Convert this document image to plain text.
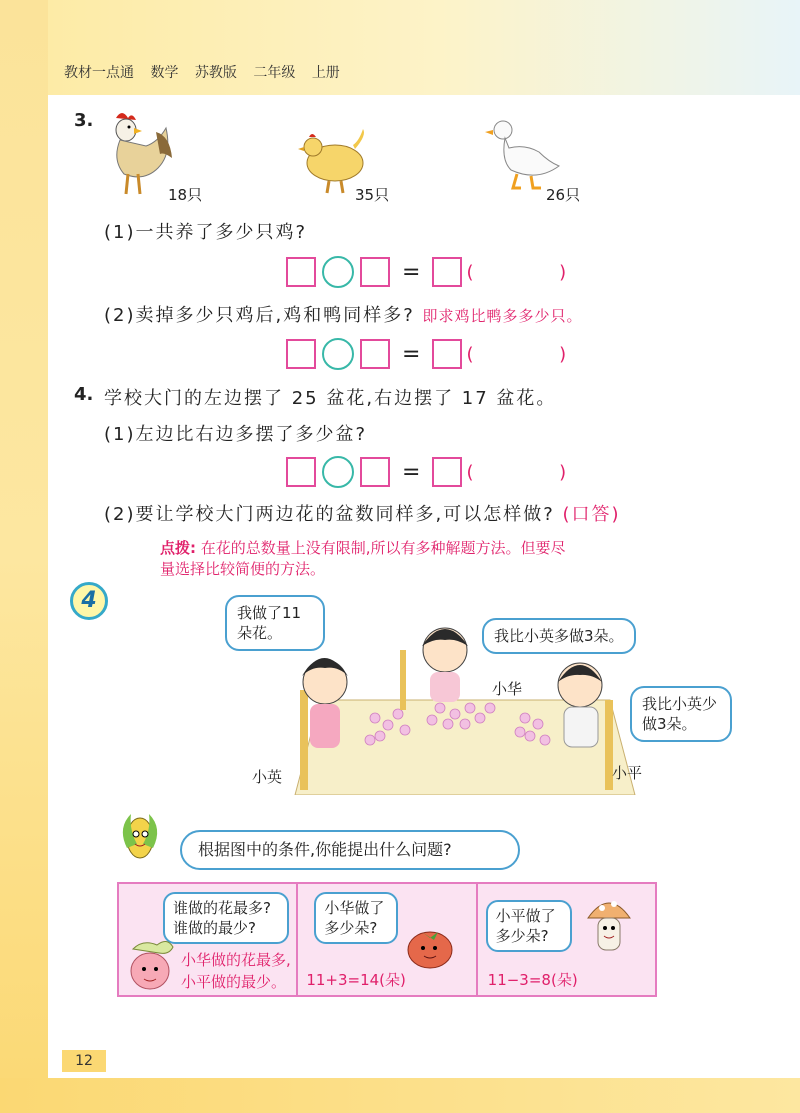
教材一点通 数学 苏教版 二年级 上册
3.
18只	35只	26只
(1)一共养了多少只鸡?
=	( )
(2)卖掉多少只鸡后,鸡和鸭同样多? 即求鸡比鸭多多少只。
=	( )
4. 学校大门的左边摆了 25 盆花,右边摆了 17 盆花。
(1)左边比右边多摆了多少盆?
=	( )
(2)要让学校大门两边花的盆数同样多,可以怎样做? (口答)
点拨: 在花的总数量上没有限制,所以有多种解题方法。但要尽量选择比较简便的方法。
4	我做了11朵花。	我比小英多做3朵。
我比小英少做3朵。
小英
小华
小平
根据图中的条件,你能提出什么问题?
谁做的花最多?谁做的最少?
小华做的花最多,
小平做的最少。
小华做了多少朵?
11+3=14(朵)
小平做了多少朵?
11−3=8(朵)
12
